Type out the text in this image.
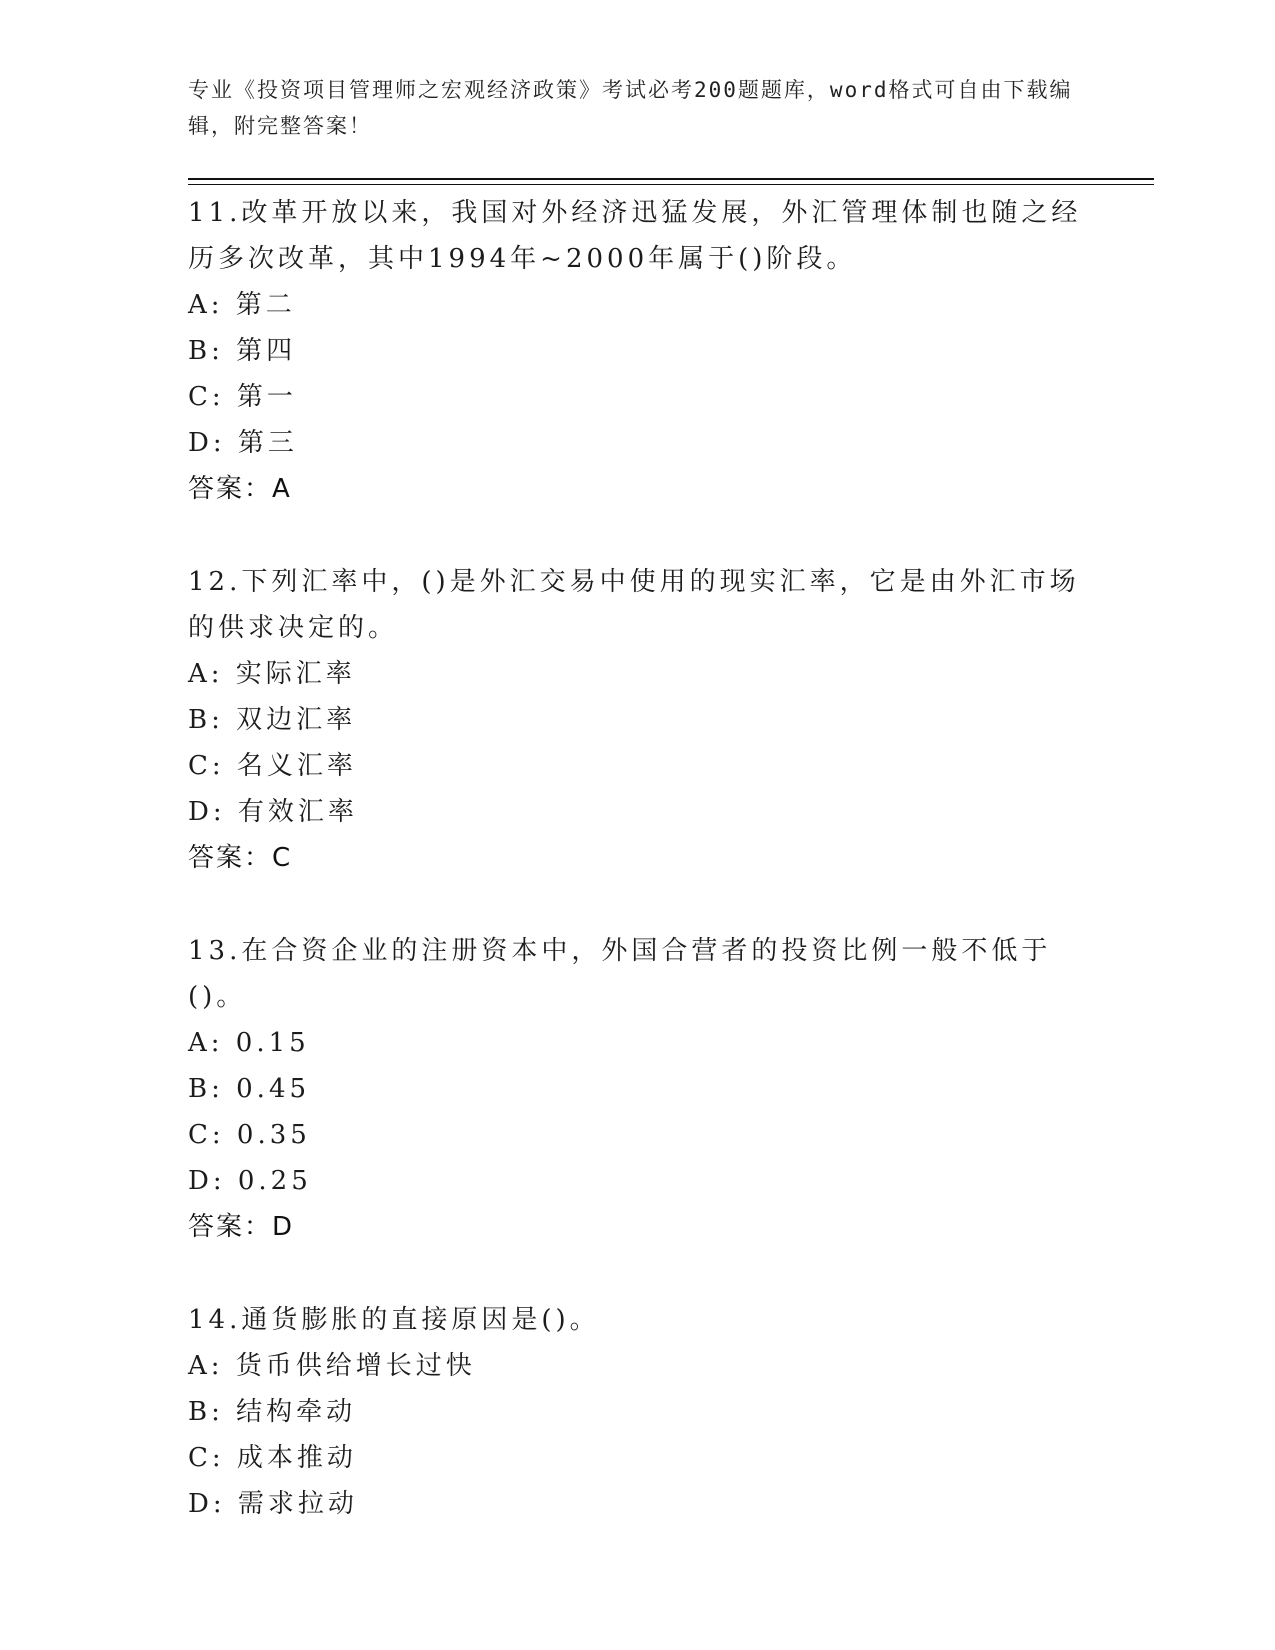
专业《投资项目管理师之宏观经济政策》考试必考200题题库，word格式可自由下载编辑，附完整答案！

11.改革开放以来，我国对外经济迅猛发展，外汇管理体制也随之经历多次改革，其中1994年~2000年属于()阶段。

A: 第二

B: 第四

C: 第一

D: 第三

答案：A

12.下列汇率中，()是外汇交易中使用的现实汇率，它是由外汇市场的供求决定的。

A: 实际汇率

B: 双边汇率

C: 名义汇率

D: 有效汇率

答案：C

13.在合资企业的注册资本中，外国合营者的投资比例一般不低于()。

A: 0.15

B: 0.45

C: 0.35

D: 0.25

答案：D

14.通货膨胀的直接原因是()。

A: 货币供给增长过快

B: 结构牵动

C: 成本推动

D: 需求拉动
